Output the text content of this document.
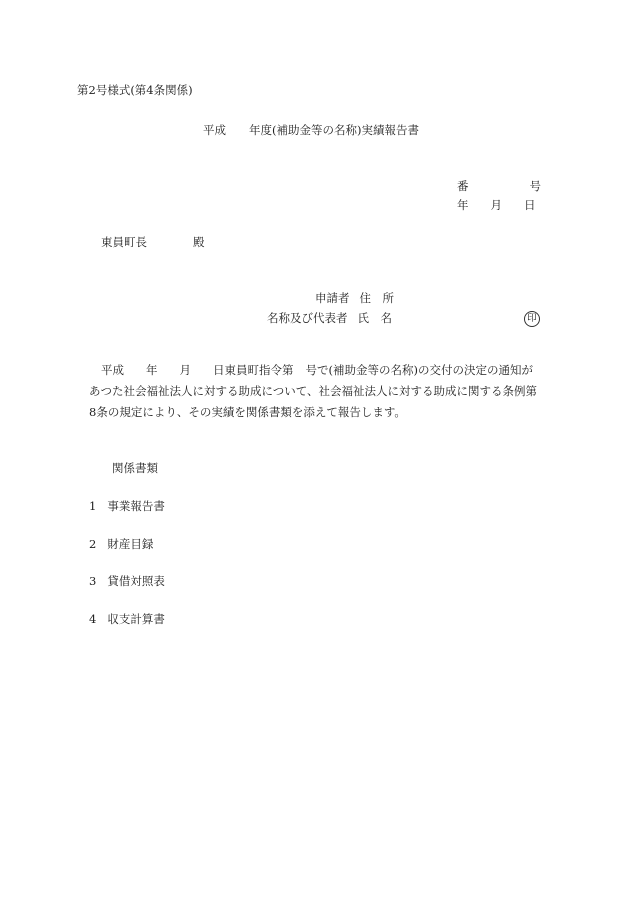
第2号様式(第4条関係)
平成 年度(補助金等の名称)実績報告書
番	号
年 月 日
東員町長	殿
申請者 住　所
名称及び代表者 氏　名	印
平成 年 月 日東員町指令第 号で(補助金等の名称)の交付の決定の通知が
あつた社会福祉法人に対する助成について、社会福祉法人に対する助成に関する条例第
8条の規定により、その実績を関係書類を添えて報告します。
関係書類
1 事業報告書
2 財産目録
3 貸借対照表
4 収支計算書
